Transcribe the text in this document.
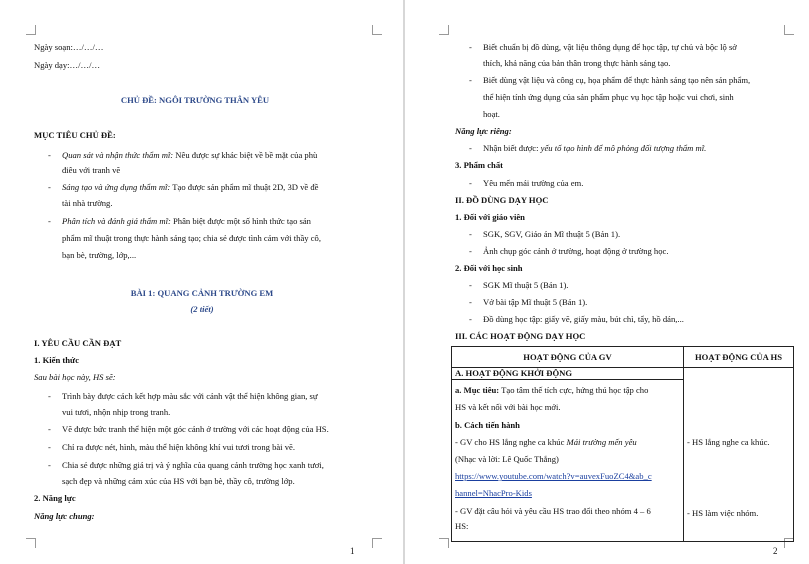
Ngày soạn:…/…/…
Ngày dạy:…/…/…
CHỦ ĐỀ: NGÔI TRƯỜNG THÂN YÊU
MỤC TIÊU CHỦ ĐỀ:
- Quan sát và nhận thức thẩm mĩ: Nêu được sự khác biệt về bề mặt của phù
điêu với tranh vẽ
- Sáng tạo và ứng dụng thẩm mĩ: Tạo được sản phẩm mĩ thuật 2D, 3D về đề
tài nhà trường.
- Phân tích và đánh giá thẩm mĩ: Phân biệt được một số hình thức tạo sản
phẩm mĩ thuật trong thực hành sáng tạo; chia sẻ được tình cảm với thầy cô,
bạn bè, trường, lớp,...
BÀI 1: QUANG CẢNH TRƯỜNG EM
(2 tiết)
I. YÊU CẦU CẦN ĐẠT
1. Kiến thức
Sau bài học này, HS sẽ:
- Trình bày được cách kết hợp màu sắc với cảnh vật thể hiện không gian, sự
vui tươi, nhộn nhịp trong tranh.
- Vẽ được bức tranh thể hiện một góc cảnh ở trường với các hoạt động của HS.
- Chỉ ra được nét, hình, màu thể hiện không khí vui tươi trong bài vẽ.
- Chia sẻ được những giá trị và ý nghĩa của quang cảnh trường học xanh tươi,
sạch đẹp và những cảm xúc của HS với bạn bè, thầy cô, trường lớp.
2. Năng lực
Năng lực chung:
1
- Biết chuẩn bị đồ dùng, vật liệu thông dụng để học tập, tự chủ và bộc lộ sở
thích, khả năng của bản thân trong thực hành sáng tạo.
- Biết dùng vật liệu và công cụ, họa phẩm để thực hành sáng tạo nên sản phẩm,
thể hiện tính ứng dụng của sản phẩm phục vụ học tập hoặc vui chơi, sinh
hoạt.
Năng lực riêng:
- Nhận biết được: yếu tố tạo hình để mô phỏng đối tượng thẩm mĩ.
3. Phẩm chất
- Yêu mến mái trường của em.
II. ĐỒ DÙNG DẠY HỌC
1. Đối với giáo viên
- SGK, SGV, Giáo án Mĩ thuật 5 (Bản 1).
- Ảnh chụp góc cảnh ở trường, hoạt động ở trường học.
2. Đối với học sinh
- SGK Mĩ thuật 5 (Bản 1).
- Vở bài tập Mĩ thuật 5 (Bản 1).
- Đồ dùng học tập: giấy vẽ, giấy màu, bút chì, tẩy, hồ dán,...
III. CÁC HOẠT ĐỘNG DẠY HỌC
HOẠT ĐỘNG CỦA GV	HOẠT ĐỘNG CỦA HS
A. HOẠT ĐỘNG KHỞI ĐỘNG
a. Mục tiêu: Tạo tâm thế tích cực, hứng thú học tập cho
HS và kết nối với bài học mới.
b. Cách tiến hành
- GV cho HS lắng nghe ca khúc Mái trường mến yêu
(Nhạc và lời: Lê Quốc Thắng)
https://www.youtube.com/watch?v=auvexFuoZC4&ab_c
hannel=NhacPro-Kids
- GV đặt câu hỏi và yêu cầu HS trao đổi theo nhóm 4 – 6
HS:
- HS lắng nghe ca khúc.
- HS làm việc nhóm.
2
